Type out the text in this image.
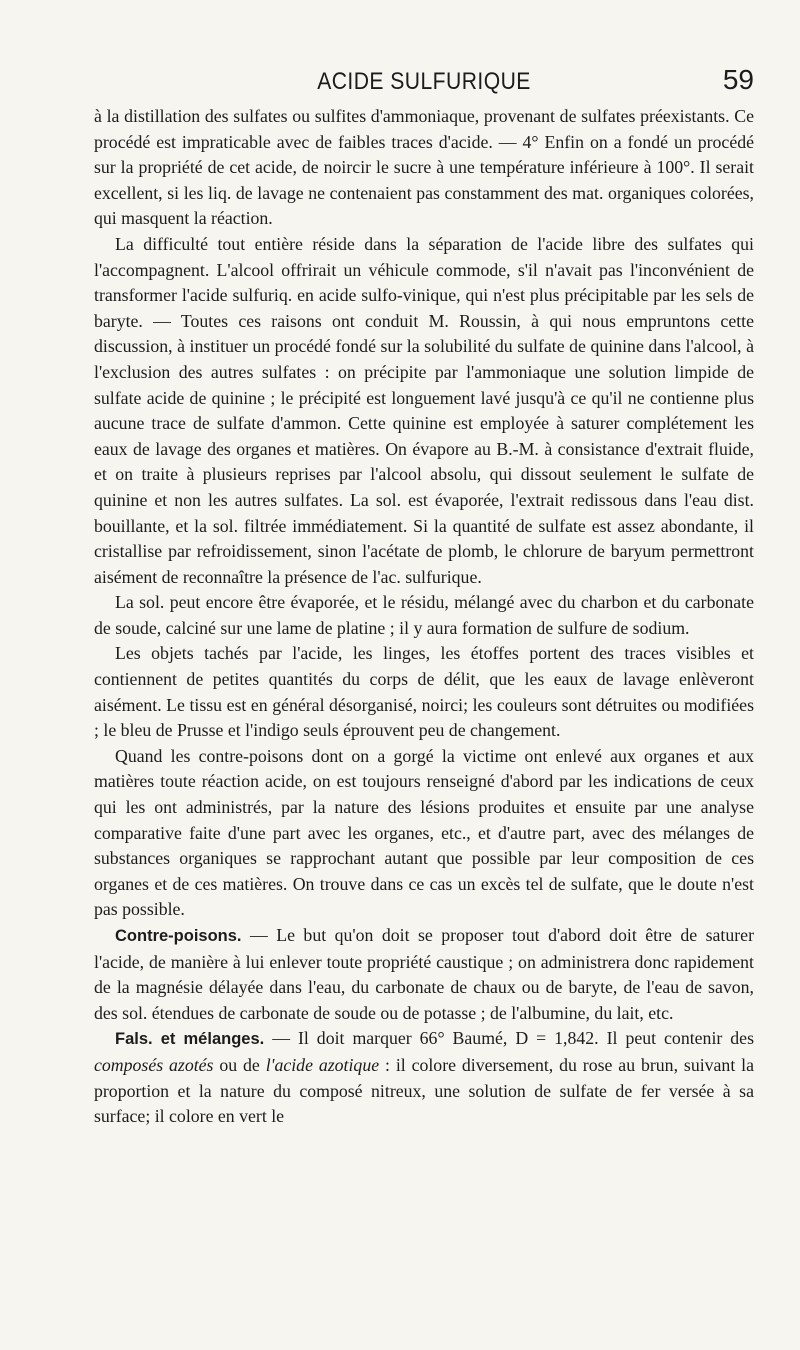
ACIDE SULFURIQUE	59

à la distillation des sulfates ou sulfites d'ammoniaque, provenant de sulfates préexistants. Ce procédé est impraticable avec de faibles traces d'acide. — 4° Enfin on a fondé un procédé sur la propriété de cet acide, de noircir le sucre à une température inférieure à 100°. Il serait excellent, si les liq. de lavage ne contenaient pas constamment des mat. organiques colorées, qui masquent la réaction.

La difficulté tout entière réside dans la séparation de l'acide libre des sulfates qui l'accompagnent. L'alcool offrirait un véhicule commode, s'il n'avait pas l'inconvénient de transformer l'acide sulfuriq. en acide sulfo-vinique, qui n'est plus précipitable par les sels de baryte. — Toutes ces raisons ont conduit M. Roussin, à qui nous empruntons cette discussion, à instituer un procédé fondé sur la solubilité du sulfate de quinine dans l'alcool, à l'exclusion des autres sulfates : on précipite par l'ammoniaque une solution limpide de sulfate acide de quinine ; le précipité est longuement lavé jusqu'à ce qu'il ne contienne plus aucune trace de sulfate d'ammon. Cette quinine est employée à saturer complétement les eaux de lavage des organes et matières. On évapore au B.-M. à consistance d'extrait fluide, et on traite à plusieurs reprises par l'alcool absolu, qui dissout seulement le sulfate de quinine et non les autres sulfates. La sol. est évaporée, l'extrait redissous dans l'eau dist. bouillante, et la sol. filtrée immédiatement. Si la quantité de sulfate est assez abondante, il cristallise par refroidissement, sinon l'acétate de plomb, le chlorure de baryum permettront aisément de reconnaître la présence de l'ac. sulfurique.

La sol. peut encore être évaporée, et le résidu, mélangé avec du charbon et du carbonate de soude, calciné sur une lame de platine ; il y aura formation de sulfure de sodium.

Les objets tachés par l'acide, les linges, les étoffes portent des traces visibles et contiennent de petites quantités du corps de délit, que les eaux de lavage enlèveront aisément. Le tissu est en général désorganisé, noirci; les couleurs sont détruites ou modifiées ; le bleu de Prusse et l'indigo seuls éprouvent peu de changement.

Quand les contre-poisons dont on a gorgé la victime ont enlevé aux organes et aux matières toute réaction acide, on est toujours renseigné d'abord par les indications de ceux qui les ont administrés, par la nature des lésions produites et ensuite par une analyse comparative faite d'une part avec les organes, etc., et d'autre part, avec des mélanges de substances organiques se rapprochant autant que possible par leur composition de ces organes et de ces matières. On trouve dans ce cas un excès tel de sulfate, que le doute n'est pas possible.

Contre-poisons. — Le but qu'on doit se proposer tout d'abord doit être de saturer l'acide, de manière à lui enlever toute propriété caustique ; on administrera donc rapidement de la magnésie délayée dans l'eau, du carbonate de chaux ou de baryte, de l'eau de savon, des sol. étendues de carbonate de soude ou de potasse ; de l'albumine, du lait, etc.

Fals. et mélanges. — Il doit marquer 66° Baumé, D = 1,842. Il peut contenir des composés azotés ou de l'acide azotique : il colore diversement, du rose au brun, suivant la proportion et la nature du composé nitreux, une solution de sulfate de fer versée à sa surface; il colore en vert le
